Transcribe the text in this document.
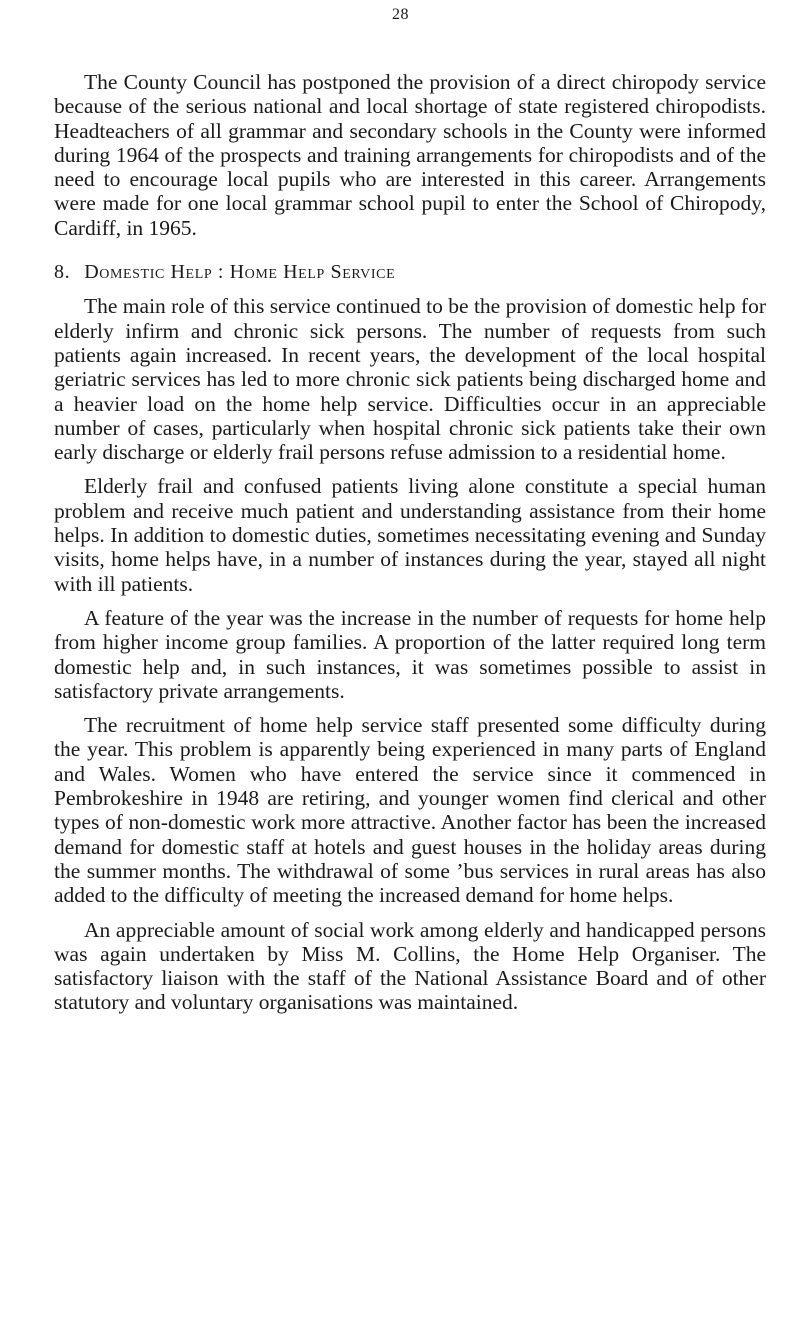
28

The County Council has postponed the provision of a direct chiropody service because of the serious national and local shortage of state registered chiropodists. Headteachers of all grammar and secondary schools in the County were informed during 1964 of the prospects and training arrangements for chiropodists and of the need to encourage local pupils who are interested in this career. Arrangements were made for one local grammar school pupil to enter the School of Chiropody, Cardiff, in 1965.

8. Domestic Help : Home Help Service

The main role of this service continued to be the provision of domestic help for elderly infirm and chronic sick persons. The number of requests from such patients again increased. In recent years, the development of the local hospital geriatric services has led to more chronic sick patients being discharged home and a heavier load on the home help service. Difficulties occur in an appreciable number of cases, particularly when hospital chronic sick patients take their own early discharge or elderly frail persons refuse admission to a residential home.

Elderly frail and confused patients living alone constitute a special human problem and receive much patient and understanding assistance from their home helps. In addition to domestic duties, sometimes necessitating evening and Sunday visits, home helps have, in a number of instances during the year, stayed all night with ill patients.

A feature of the year was the increase in the number of requests for home help from higher income group families. A proportion of the latter required long term domestic help and, in such instances, it was sometimes possible to assist in satisfactory private arrangements.

The recruitment of home help service staff presented some difficulty during the year. This problem is apparently being experienced in many parts of England and Wales. Women who have entered the service since it commenced in Pembrokeshire in 1948 are retiring, and younger women find clerical and other types of non-domestic work more attractive. Another factor has been the increased demand for domestic staff at hotels and guest houses in the holiday areas during the summer months. The withdrawal of some ’bus services in rural areas has also added to the difficulty of meeting the increased demand for home helps.

An appreciable amount of social work among elderly and handicapped persons was again undertaken by Miss M. Collins, the Home Help Organiser. The satisfactory liaison with the staff of the National Assistance Board and of other statutory and voluntary organisations was maintained.
